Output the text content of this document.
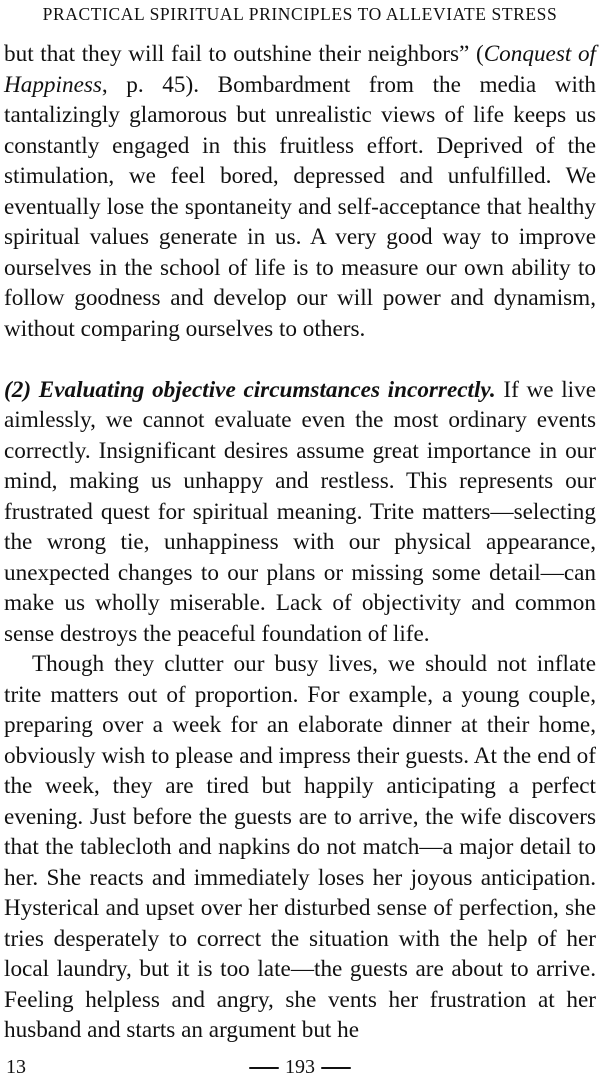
PRACTICAL SPIRITUAL PRINCIPLES TO ALLEVIATE STRESS

but that they will fail to outshine their neighbors” (Conquest of Happiness, p. 45). Bombardment from the media with tantalizingly glamorous but unrealistic views of life keeps us constantly engaged in this fruitless effort. Deprived of the stimulation, we feel bored, depressed and unfulfilled. We eventually lose the spontaneity and self-acceptance that healthy spiritual values generate in us. A very good way to improve ourselves in the school of life is to measure our own ability to follow goodness and develop our will power and dynamism, without comparing ourselves to others.

(2) Evaluating objective circumstances incorrectly. If we live aimlessly, we cannot evaluate even the most ordinary events correctly. Insignificant desires assume great importance in our mind, making us unhappy and restless. This represents our frustrated quest for spiritual meaning. Trite matters—selecting the wrong tie, unhappiness with our physical appearance, unexpected changes to our plans or missing some detail—can make us wholly miserable. Lack of objectivity and common sense destroys the peaceful foundation of life.

Though they clutter our busy lives, we should not inflate trite matters out of proportion. For example, a young couple, preparing over a week for an elaborate dinner at their home, obviously wish to please and impress their guests. At the end of the week, they are tired but happily anticipating a perfect evening. Just before the guests are to arrive, the wife discovers that the tablecloth and napkins do not match—a major detail to her. She reacts and immediately loses her joyous anticipation. Hysterical and upset over her disturbed sense of perfection, she tries desperately to correct the situation with the help of her local laundry, but it is too late—the guests are about to arrive. Feeling helpless and angry, she vents her frustration at her husband and starts an argument but he

13	193
